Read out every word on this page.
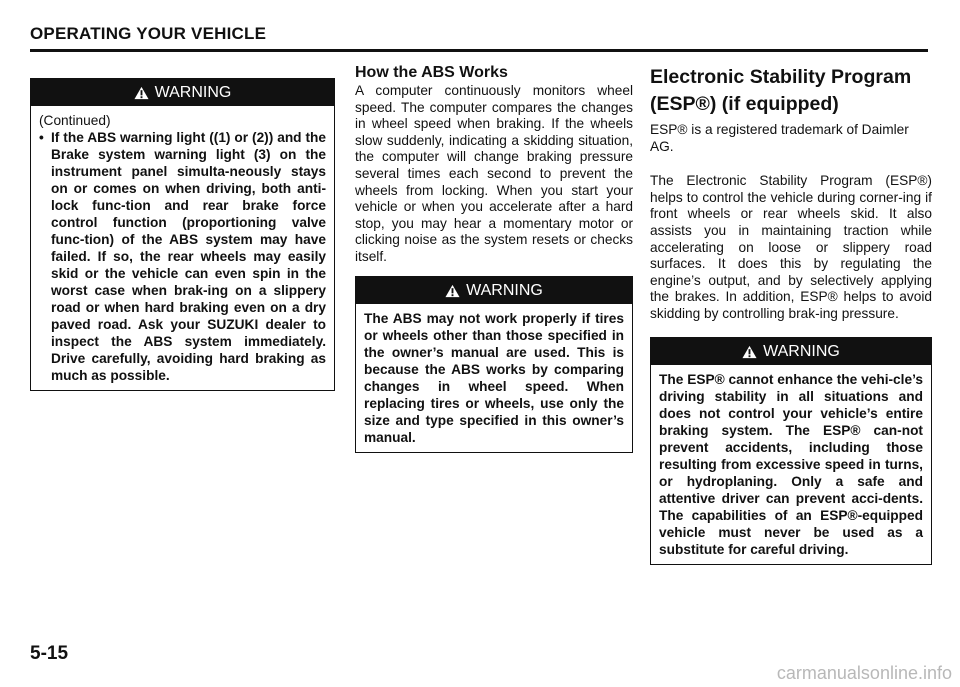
OPERATING YOUR VEHICLE
WARNING
(Continued)
• If the ABS warning light ((1) or (2)) and the Brake system warning light (3) on the instrument panel simulta-neously stays on or comes on when driving, both anti-lock func-tion and rear brake force control function (proportioning valve func-tion) of the ABS system may have failed. If so, the rear wheels may easily skid or the vehicle can even spin in the worst case when brak-ing on a slippery road or when hard braking even on a dry paved road. Ask your SUZUKI dealer to inspect the ABS system immediately. Drive carefully, avoiding hard braking as much as possible.
How the ABS Works

A computer continuously monitors wheel speed. The computer compares the changes in wheel speed when braking. If the wheels slow suddenly, indicating a skidding situation, the computer will change braking pressure several times each second to prevent the wheels from locking. When you start your vehicle or when you accelerate after a hard stop, you may hear a momentary motor or clicking noise as the system resets or checks itself.

WARNING
The ABS may not work properly if tires or wheels other than those specified in the owner’s manual are used. This is because the ABS works by comparing changes in wheel speed. When replacing tires or wheels, use only the size and type specified in this owner’s manual.
Electronic Stability Program (ESP®) (if equipped)

ESP® is a registered trademark of Daimler AG.

The Electronic Stability Program (ESP®) helps to control the vehicle during corner-ing if front wheels or rear wheels skid. It also assists you in maintaining traction while accelerating on loose or slippery road surfaces. It does this by regulating the engine’s output, and by selectively applying the brakes. In addition, ESP® helps to avoid skidding by controlling brak-ing pressure.

WARNING
The ESP® cannot enhance the vehi-cle’s driving stability in all situations and does not control your vehicle’s entire braking system. The ESP® can-not prevent accidents, including those resulting from excessive speed in turns, or hydroplaning. Only a safe and attentive driver can prevent acci-dents. The capabilities of an ESP®-equipped vehicle must never be used as a substitute for careful driving.
5-15
carmanualsonline.info
